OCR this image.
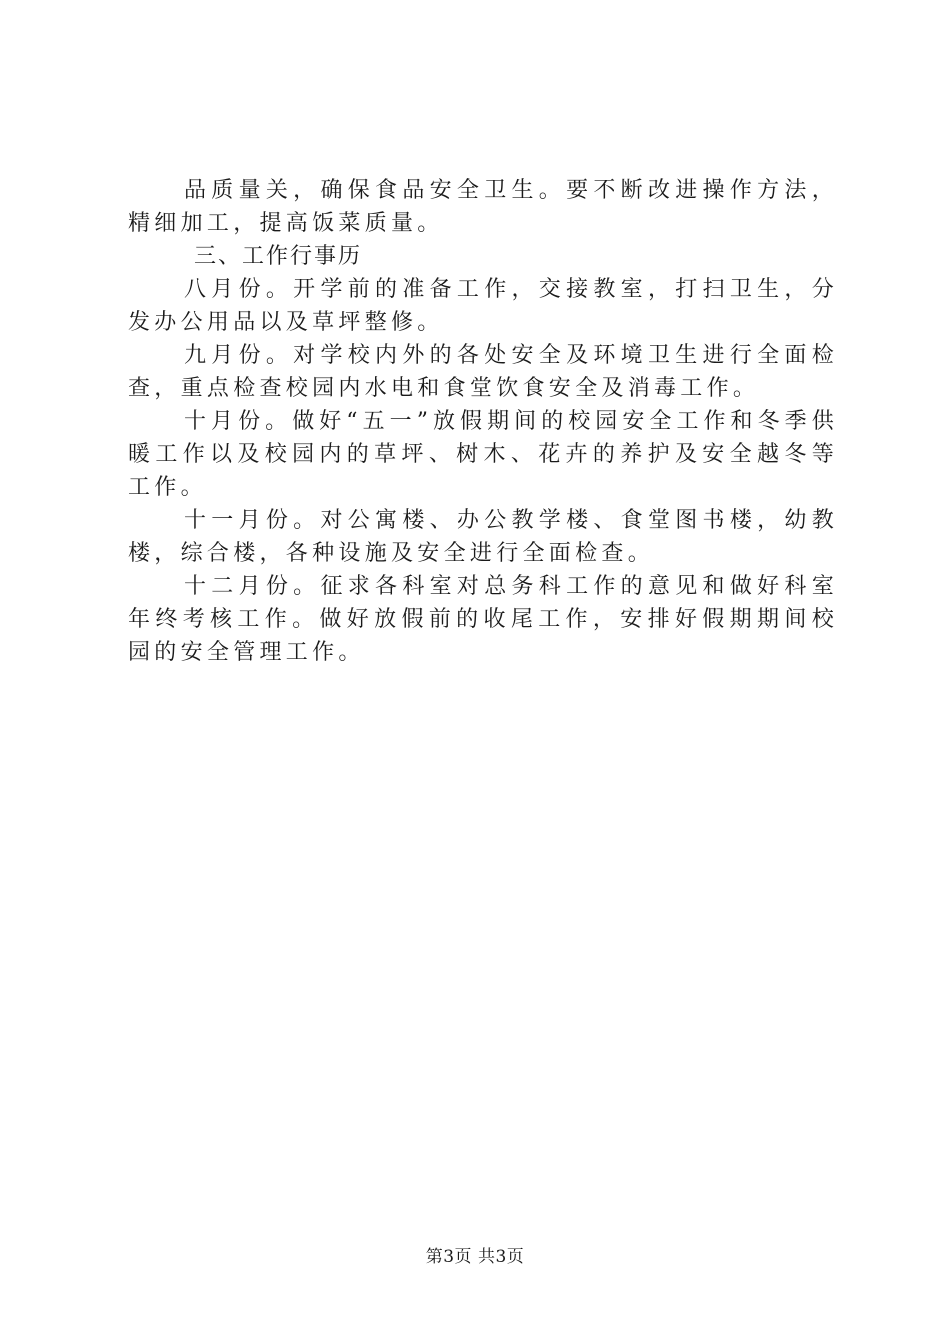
品质量关，确保食品安全卫生。要不断改进操作方法，精细加工，提高饭菜质量。

三、工作行事历

八月份。开学前的准备工作，交接教室，打扫卫生，分发办公用品以及草坪整修。

九月份。对学校内外的各处安全及环境卫生进行全面检查，重点检查校园内水电和食堂饮食安全及消毒工作。

十月份。做好“五一”放假期间的校园安全工作和冬季供暖工作以及校园内的草坪、树木、花卉的养护及安全越冬等工作。

十一月份。对公寓楼、办公教学楼、食堂图书楼，幼教楼，综合楼，各种设施及安全进行全面检查。

十二月份。征求各科室对总务科工作的意见和做好科室年终考核工作。做好放假前的收尾工作，安排好假期期间校园的安全管理工作。

第3页 共3页
